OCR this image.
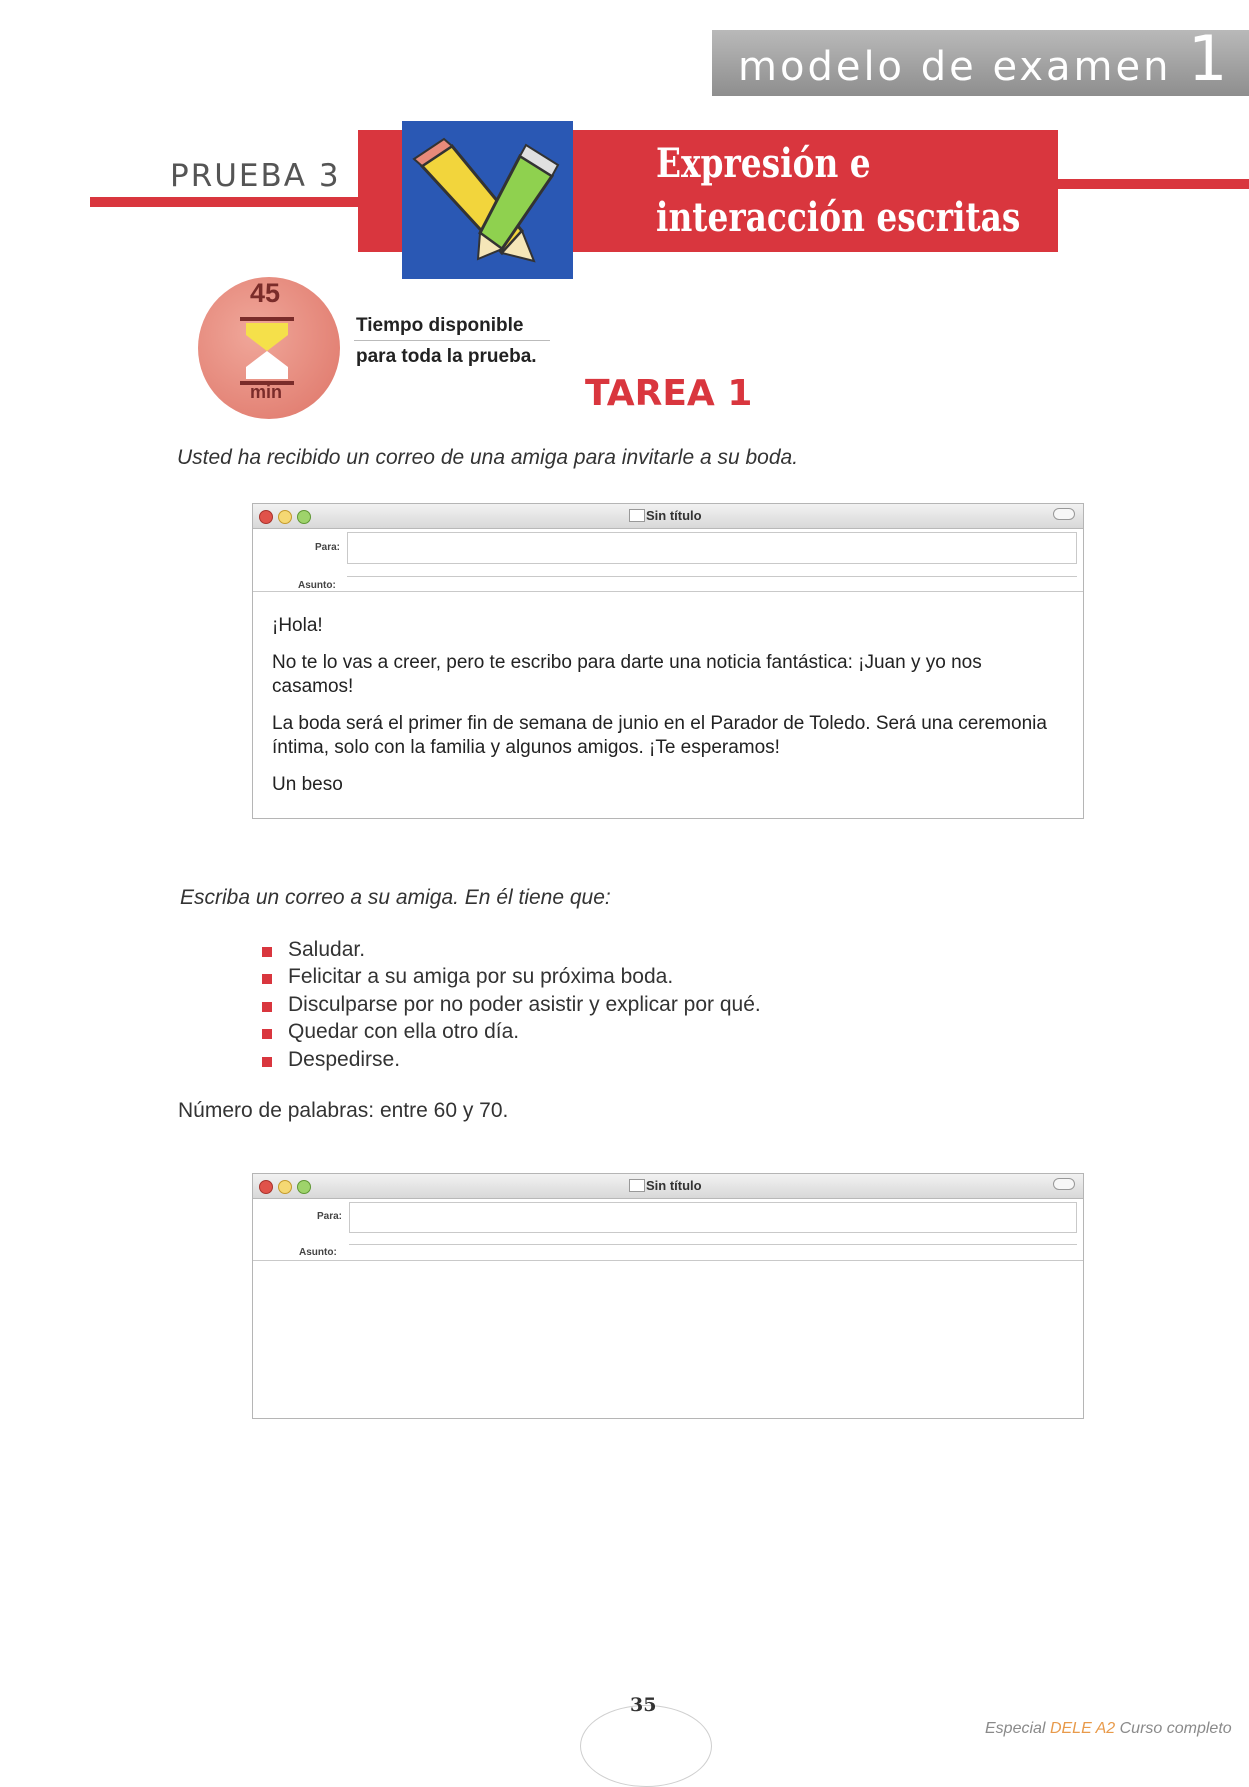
modelo de examen 1
PRUEBA 3	Expresión e
interacción escritas
45
min
Tiempo disponible
para toda la prueba.
TAREA 1
Usted ha recibido un correo de una amiga para invitarle a su boda.
Sin título
Para:
Asunto:

¡Hola!

No te lo vas a creer, pero te escribo para darte una noticia fantástica: ¡Juan y yo nos casamos!

La boda será el primer fin de semana de junio en el Parador de Toledo. Será una ceremonia íntima, solo con la familia y algunos amigos. ¡Te esperamos!

Un beso

Escriba un correo a su amiga. En él tiene que:
Saludar.
Felicitar a su amiga por su próxima boda.
Disculparse por no poder asistir y explicar por qué.
Quedar con ella otro día.
Despedirse.
Número de palabras: entre 60 y 70.
Sin título
Para:
Asunto:
35
Especial DELE A2 Curso completo
